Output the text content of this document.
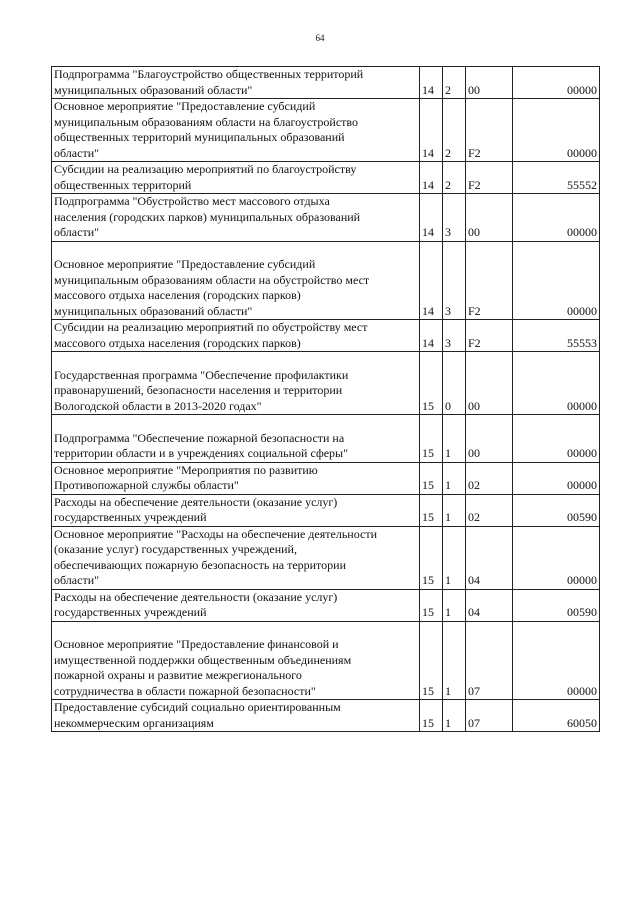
64
Подпрограмма "Благоустройство общественных территорий
муниципальных образований области"	14	2	00	00000
Основное мероприятие "Предоставление субсидий
муниципальным образованиям области на благоустройство
общественных территорий муниципальных образований
области"	14	2	F2	00000
Субсидии на реализацию мероприятий по благоустройству
общественных территорий	14	2	F2	55552
Подпрограмма "Обустройство мест массового отдыха
населения (городских парков) муниципальных образований
области"	14	3	00	00000

Основное мероприятие "Предоставление субсидий
муниципальным образованиям области на обустройство мест
массового отдыха населения (городских парков)
муниципальных образований области"	14	3	F2	00000
Субсидии на реализацию мероприятий по обустройству мест
массового отдыха населения (городских парков)	14	3	F2	55553

Государственная программа "Обеспечение профилактики
правонарушений, безопасности населения и территории
Вологодской области в 2013-2020 годах"	15	0	00	00000

Подпрограмма "Обеспечение пожарной безопасности на
территории области и в учреждениях социальной сферы"	15	1	00	00000
Основное мероприятие "Мероприятия по развитию
Противопожарной службы области"	15	1	02	00000
Расходы на обеспечение деятельности (оказание услуг)
государственных учреждений	15	1	02	00590
Основное мероприятие "Расходы на обеспечение деятельности
(оказание услуг) государственных учреждений,
обеспечивающих пожарную безопасность на территории
области"	15	1	04	00000
Расходы на обеспечение деятельности (оказание услуг)
государственных учреждений	15	1	04	00590

Основное мероприятие "Предоставление финансовой и
имущественной поддержки общественным объединениям
пожарной охраны и развитие межрегионального
сотрудничества в области пожарной безопасности"	15	1	07	00000
Предоставление субсидий социально ориентированным
некоммерческим организациям	15	1	07	60050
